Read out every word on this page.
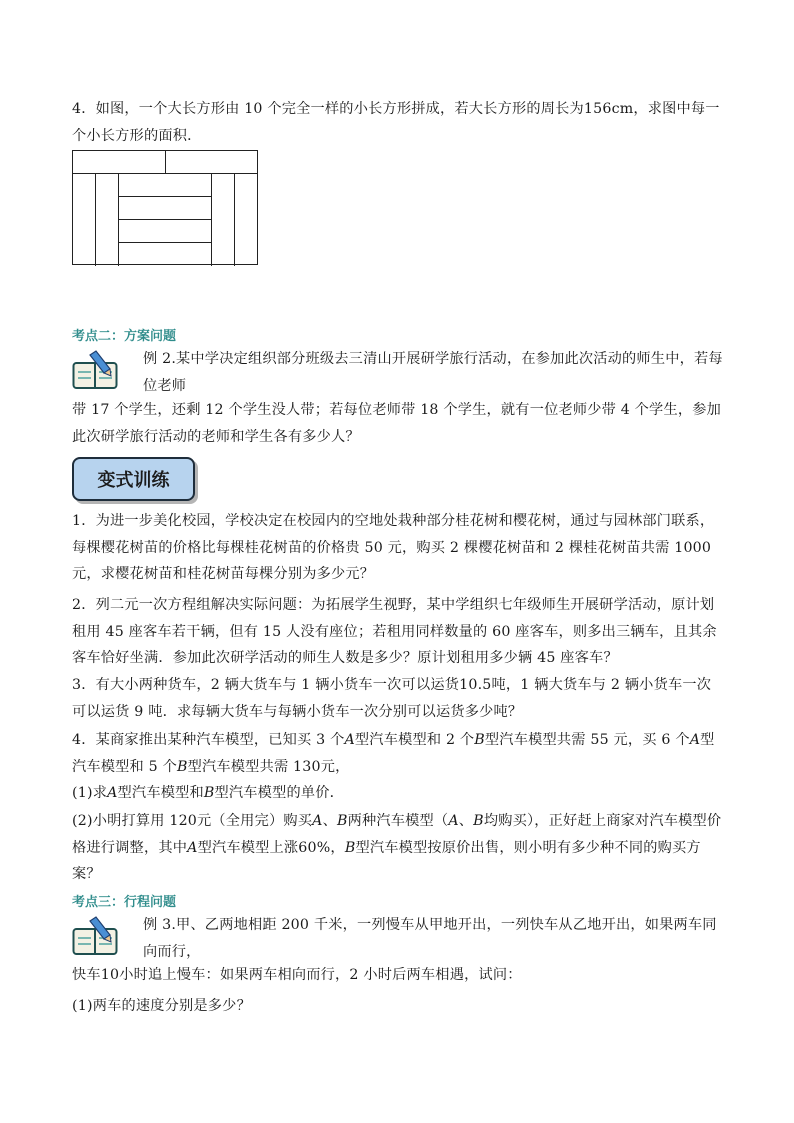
4．如图，一个大长方形由 10 个完全一样的小长方形拼成，若大长方形的周长为156cm，求图中每一个小长方形的面积．
考点二：方案问题
例 2.某中学决定组织部分班级去三清山开展研学旅行活动，在参加此次活动的师生中，若每位老师
带 17 个学生，还剩 12 个学生没人带；若每位老师带 18 个学生，就有一位老师少带 4 个学生，参加此次研学旅行活动的老师和学生各有多少人？
变式训练
1．为进一步美化校园，学校决定在校园内的空地处栽种部分桂花树和樱花树，通过与园林部门联系，每棵樱花树苗的价格比每棵桂花树苗的价格贵 50 元，购买 2 棵樱花树苗和 2 棵桂花树苗共需 1000 元，求樱花树苗和桂花树苗每棵分别为多少元？
2．列二元一次方程组解决实际问题：为拓展学生视野，某中学组织七年级师生开展研学活动，原计划租用 45 座客车若干辆，但有 15 人没有座位；若租用同样数量的 60 座客车，则多出三辆车，且其余客车恰好坐满．参加此次研学活动的师生人数是多少？原计划租用多少辆 45 座客车？
3．有大小两种货车，2 辆大货车与 1 辆小货车一次可以运货10.5吨，1 辆大货车与 2 辆小货车一次可以运货 9 吨．求每辆大货车与每辆小货车一次分别可以运货多少吨？
4．某商家推出某种汽车模型，已知买 3 个A型汽车模型和 2 个B型汽车模型共需 55 元，买 6 个A型汽车模型和 5 个B型汽车模型共需 130元，
(1)求A型汽车模型和B型汽车模型的单价．
(2)小明打算用 120元（全用完）购买A、B两种汽车模型（A、B均购买），正好赶上商家对汽车模型价格进行调整，其中A型汽车模型上涨60%，B型汽车模型按原价出售，则小明有多少种不同的购买方案？
考点三：行程问题
例 3.甲、乙两地相距 200 千米，一列慢车从甲地开出，一列快车从乙地开出，如果两车同向而行，
快车10小时追上慢车：如果两车相向而行，2 小时后两车相遇，试问：
(1)两车的速度分别是多少？
